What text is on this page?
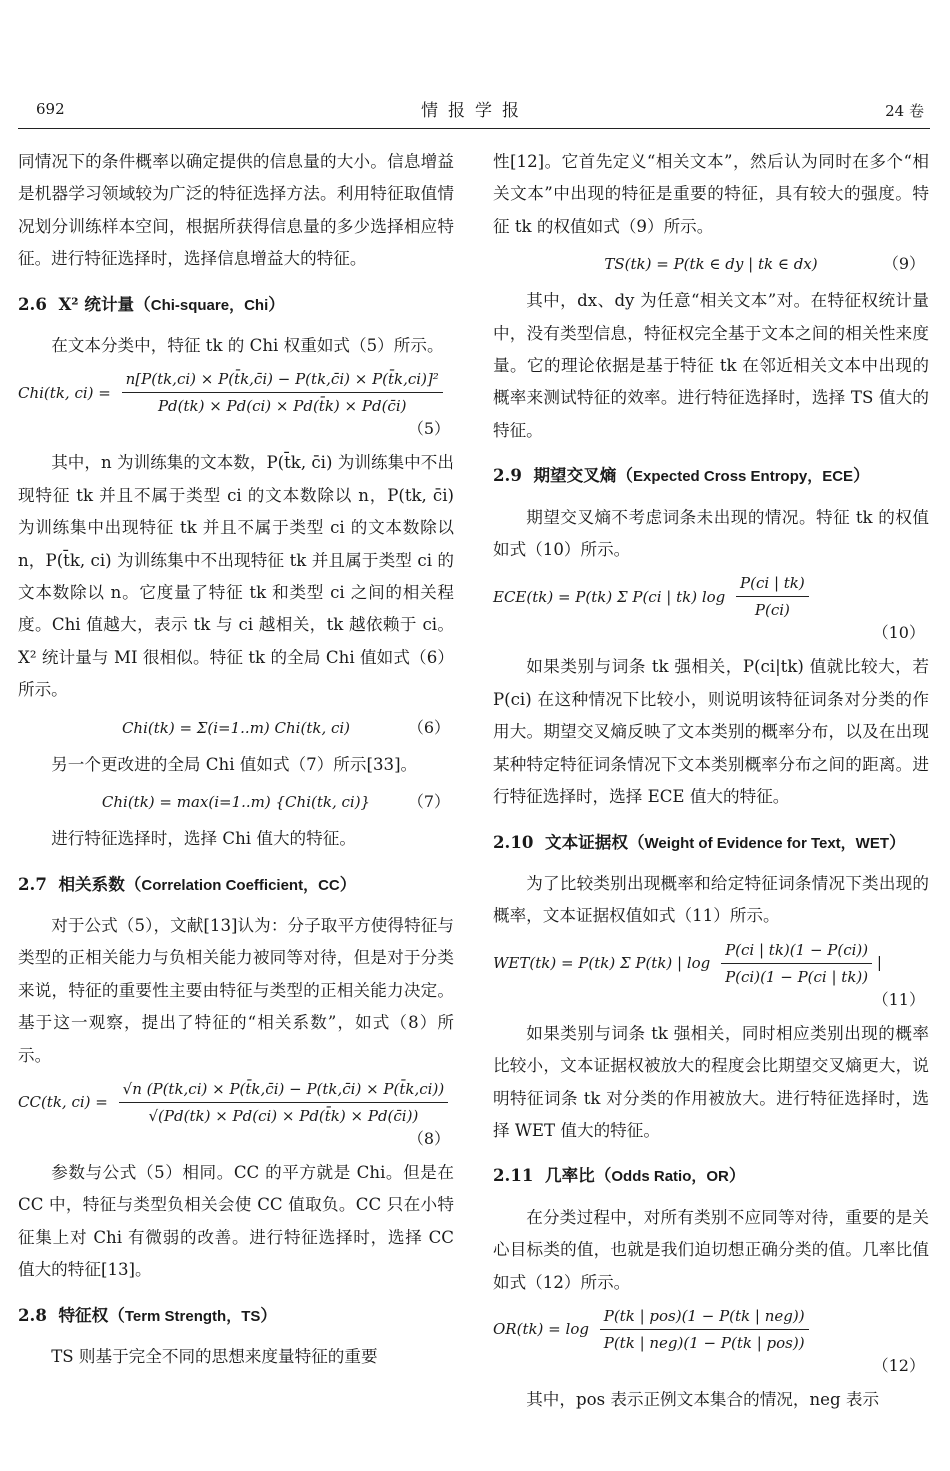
692	情报学报	24 卷

同情况下的条件概率以确定提供的信息量的大小。信息增益是机器学习领域较为广泛的特征选择方法。利用特征取值情况划分训练样本空间，根据所获得信息量的多少选择相应特征。进行特征选择时，选择信息增益大的特征。

2.6 X² 统计量（Chi-square，Chi）

在文本分类中，特征 tk 的 Chi 权重如式（5）所示。

Chi(tk, $ci) = \frac{\text{n[P(tk,ci) × P(t̄k,c̄i) − P(tk,c̄i) × P(t̄k,ci)]²}}{Pd(tk) \times Pd(ci) \times Pd(t̄k) \times Pd(c̄i)}$
（5）

其中，n 为训练集的文本数，P(t̄k, c̄i) 为训练集中不出现特征 tk 并且不属于类型 ci 的文本数除以 n，P(tk, c̄i) 为训练集中出现特征 tk 并且不属于类型 ci 的文本数除以 n，P(t̄k, ci) 为训练集中不出现特征 tk 并且属于类型 ci 的文本数除以 n。它度量了特征 tk 和类型 ci 之间的相关程度。Chi 值越大，表示 tk 与 ci 越相关，tk 越依赖于 ci。X² 统计量与 MI 很相似。特征 tk 的全局 Chi 值如式（6）所示。

Chi(tk) = Σ(i=1..m) Chi(tk, ci)	（6）

另一个更改进的全局 Chi 值如式（7）所示[33]。

Chi(tk) = max(i=1..m) {Chi(tk, ci)} （7）

进行特征选择时，选择 Chi 值大的特征。

2.7 相关系数（Correlation Coefficient，CC）

对于公式（5），文献[13]认为：分子取平方使得特征与类型的正相关能力与负相关能力被同等对待，但是对于分类来说，特征的重要性主要由特征与类型的正相关能力决定。基于这一观察，提出了特征的“相关系数”，如式（8）所示。

CC(tk, $ci) = \frac{√n (P(tk,ci) \times P(t̄k,c̄i) - P(tk,c̄i) \times P(t̄k,ci))}{√(Pd(tk) \times Pd(ci) \times Pd(t̄k) \times Pd(c̄i))}$
（8）

参数与公式（5）相同。CC 的平方就是 Chi。但是在 CC 中，特征与类型负相关会使 CC 值取负。CC 只在小特征集上对 Chi 有微弱的改善。进行特征选择时，选择 CC 值大的特征[13]。

2.8 特征权（Term Strength，TS）

TS 则基于完全不同的思想来度量特征的重要

性[12]。它首先定义“相关文本”，然后认为同时在多个“相关文本”中出现的特征是重要的特征，具有较大的强度。特征 tk 的权值如式（9）所示。

TS(tk) = P(tk ∈ dy | tk ∈ dx)	（9）

其中，dx、dy 为任意“相关文本”对。在特征权统计量中，没有类型信息，特征权完全基于文本之间的相关性来度量。它的理论依据是基于特征 tk 在邻近相关文本中出现的概率来测试特征的效率。进行特征选择时，选择 TS 值大的特征。

2.9 期望交叉熵（Expected Cross Entropy，ECE）

期望交叉熵不考虑词条未出现的情况。特征 tk 的权值如式（10）所示。

ECE(tk) = P(tk) Σ P(ci | tk) $\log \frac{P(ci | tk)}{P(ci)}$
（10）

如果类别与词条 tk 强相关，P(ci|tk) 值就比较大，若 P(ci) 在这种情况下比较小，则说明该特征词条对分类的作用大。期望交叉熵反映了文本类别的概率分布，以及在出现某种特定特征词条情况下文本类别概率分布之间的距离。进行特征选择时，选择 ECE 值大的特征。

2.10 文本证据权（Weight of Evidence for Text，WET）

为了比较类别出现概率和给定特征词条情况下类出现的概率，文本证据权值如式（11）所示。

WET(tk) = P(tk) Σ P(tk) | $\log \frac{P(ci | tk)(1 - P(ci))}{P(ci)(1 - P(ci | tk))}$ |
（11）

如果类别与词条 tk 强相关，同时相应类别出现的概率比较小，文本证据权被放大的程度会比期望交叉熵更大，说明特征词条 tk 对分类的作用被放大。进行特征选择时，选择 WET 值大的特征。

2.11 几率比（Odds Ratio，OR）

在分类过程中，对所有类别不应同等对待，重要的是关心目标类的值，也就是我们迫切想正确分类的值。几率比值如式（12）所示。

$OR(tk) = \log \frac{\text{P(tk | pos)(1 − P(tk | neg))}}{\text{P(tk | neg)(1 − P(tk | pos))}}$
（12）

其中，pos 表示正例文本集合的情况，neg 表示
